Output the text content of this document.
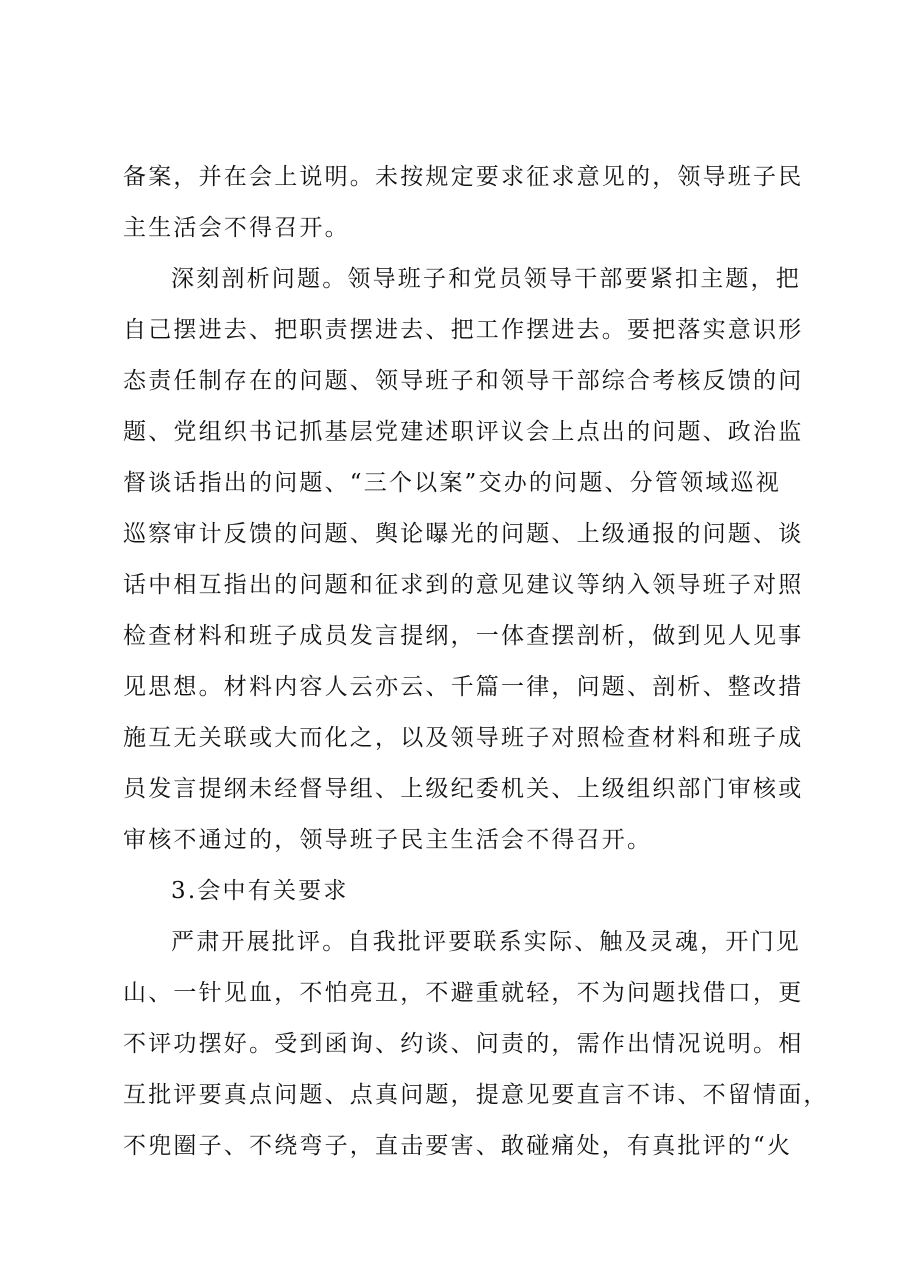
备案，并在会上说明。未按规定要求征求意见的，领导班子民
主生活会不得召开。
深刻剖析问题。领导班子和党员领导干部要紧扣主题，把
自己摆进去、把职责摆进去、把工作摆进去。要把落实意识形
态责任制存在的问题、领导班子和领导干部综合考核反馈的问
题、党组织书记抓基层党建述职评议会上点出的问题、政治监
督谈话指出的问题、“三个以案”交办的问题、分管领域巡视
巡察审计反馈的问题、舆论曝光的问题、上级通报的问题、谈
话中相互指出的问题和征求到的意见建议等纳入领导班子对照
检查材料和班子成员发言提纲，一体查摆剖析，做到见人见事
见思想。材料内容人云亦云、千篇一律，问题、剖析、整改措
施互无关联或大而化之，以及领导班子对照检查材料和班子成
员发言提纲未经督导组、上级纪委机关、上级组织部门审核或
审核不通过的，领导班子民主生活会不得召开。
3.会中有关要求
严肃开展批评。自我批评要联系实际、触及灵魂，开门见
山、一针见血，不怕亮丑，不避重就轻，不为问题找借口，更
不评功摆好。受到函询、约谈、问责的，需作出情况说明。相
互批评要真点问题、点真问题，提意见要直言不讳、不留情面，
不兜圈子、不绕弯子，直击要害、敢碰痛处，有真批评的“火
